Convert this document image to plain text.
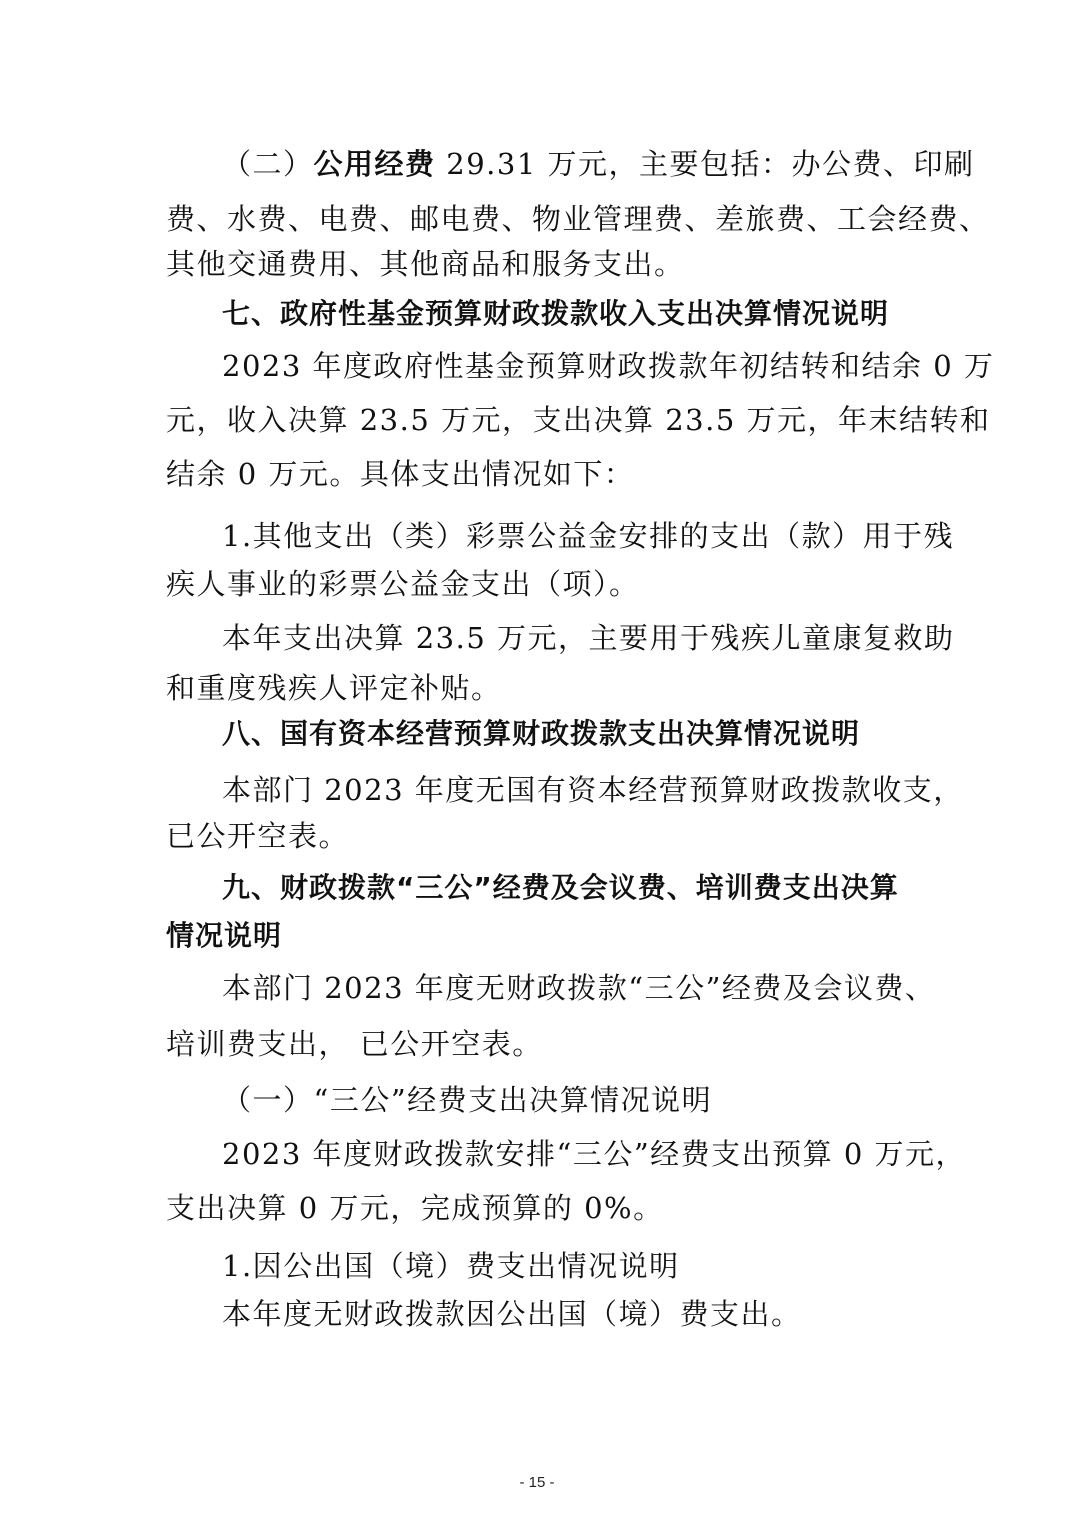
（二）公用经费 29.31 万元，主要包括：办公费、印刷
费、水费、电费、邮电费、物业管理费、差旅费、工会经费、
其他交通费用、其他商品和服务支出。
七、政府性基金预算财政拨款收入支出决算情况说明
2023 年度政府性基金预算财政拨款年初结转和结余 0 万
元，收入决算 23.5 万元，支出决算 23.5 万元，年末结转和
结余 0 万元。具体支出情况如下：
1.其他支出（类）彩票公益金安排的支出（款）用于残
疾人事业的彩票公益金支出（项）。
本年支出决算 23.5 万元，主要用于残疾儿童康复救助
和重度残疾人评定补贴。
八、国有资本经营预算财政拨款支出决算情况说明
本部门 2023 年度无国有资本经营预算财政拨款收支，
已公开空表。
九、财政拨款“三公”经费及会议费、培训费支出决算
情况说明
本部门 2023 年度无财政拨款“三公”经费及会议费、
培训费支出， 已公开空表。
（一）“三公”经费支出决算情况说明
2023 年度财政拨款安排“三公”经费支出预算 0 万元，
支出决算 0 万元，完成预算的 0%。
1.因公出国（境）费支出情况说明
本年度无财政拨款因公出国（境）费支出。
- 15 -
